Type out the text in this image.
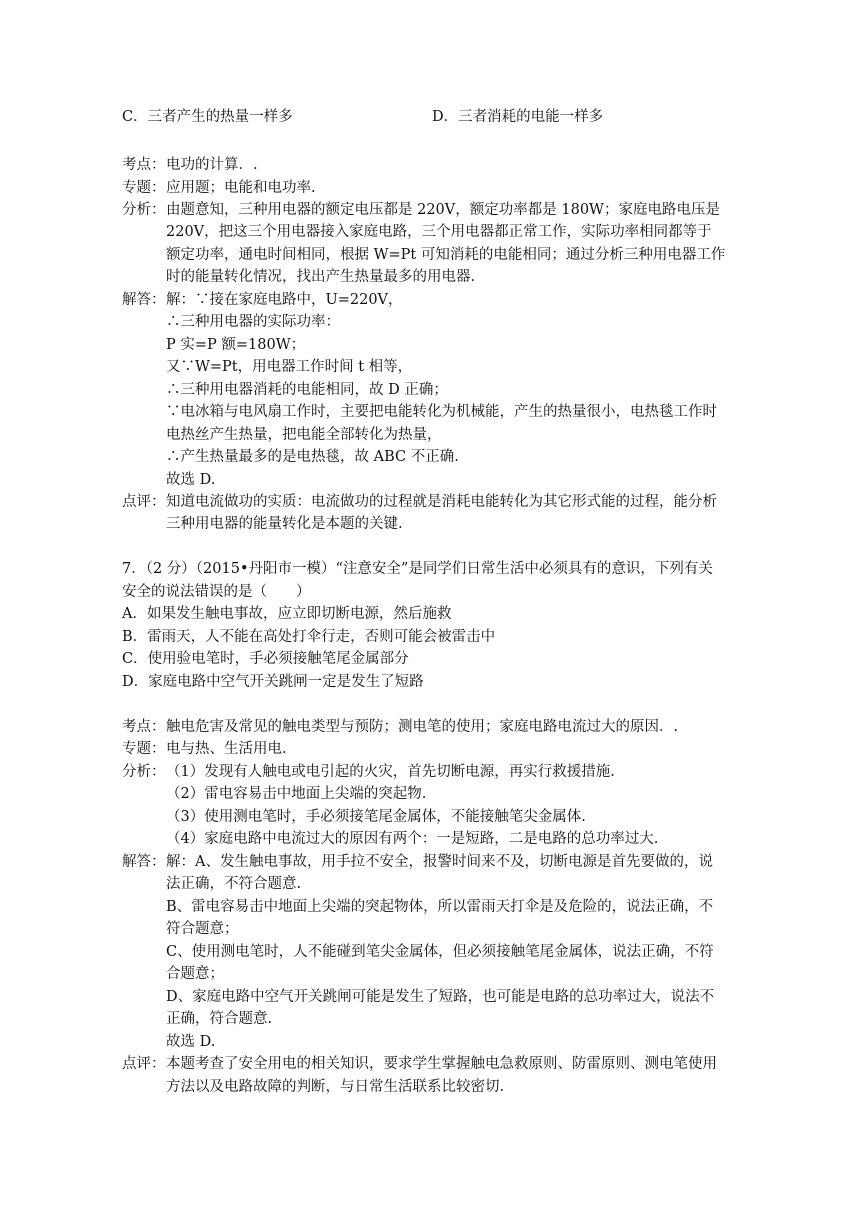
C．三者产生的热量一样多	D．三者消耗的电能一样多
考点： 电功的计算．.
专题： 应用题；电能和电功率.
分析： 由题意知，三种用电器的额定电压都是 220V，额定功率都是 180W；家庭电路电压是
220V，把这三个用电器接入家庭电路，三个用电器都正常工作，实际功率相同都等于
额定功率，通电时间相同，根据 W=Pt 可知消耗的电能相同；通过分析三种用电器工作
时的能量转化情况，找出产生热量最多的用电器.
解答： 解：∵接在家庭电路中，U=220V，
∴三种用电器的实际功率：
P 实=P 额=180W；
又∵W=Pt，用电器工作时间 t 相等，
∴三种用电器消耗的电能相同，故 D 正确；
∵电冰箱与电风扇工作时，主要把电能转化为机械能，产生的热量很小，电热毯工作时
电热丝产生热量，把电能全部转化为热量，
∴产生热量最多的是电热毯，故 ABC 不正确.
故选 D.
点评： 知道电流做功的实质：电流做功的过程就是消耗电能转化为其它形式能的过程，能分析
三种用电器的能量转化是本题的关键.
7．（2 分）（2015•丹阳市一模）“注意安全”是同学们日常生活中必须具有的意识，下列有关
安全的说法错误的是（　　）
A．如果发生触电事故，应立即切断电源，然后施救
B．雷雨天，人不能在高处打伞行走，否则可能会被雷击中
C．使用验电笔时，手必须接触笔尾金属部分
D．家庭电路中空气开关跳闸一定是发生了短路
考点： 触电危害及常见的触电类型与预防；测电笔的使用；家庭电路电流过大的原因．.
专题： 电与热、生活用电.
分析： （1）发现有人触电或电引起的火灾，首先切断电源，再实行救援措施.
（2）雷电容易击中地面上尖端的突起物.
（3）使用测电笔时，手必须接笔尾金属体，不能接触笔尖金属体.
（4）家庭电路中电流过大的原因有两个：一是短路，二是电路的总功率过大.
解答： 解：A、发生触电事故，用手拉不安全，报警时间来不及，切断电源是首先要做的，说
法正确，不符合题意.
B、雷电容易击中地面上尖端的突起物体，所以雷雨天打伞是及危险的，说法正确，不
符合题意；
C、使用测电笔时，人不能碰到笔尖金属体，但必须接触笔尾金属体，说法正确，不符
合题意；
D、家庭电路中空气开关跳闸可能是发生了短路，也可能是电路的总功率过大，说法不
正确，符合题意.
故选 D.
点评： 本题考查了安全用电的相关知识，要求学生掌握触电急救原则、防雷原则、测电笔使用
方法以及电路故障的判断，与日常生活联系比较密切.
